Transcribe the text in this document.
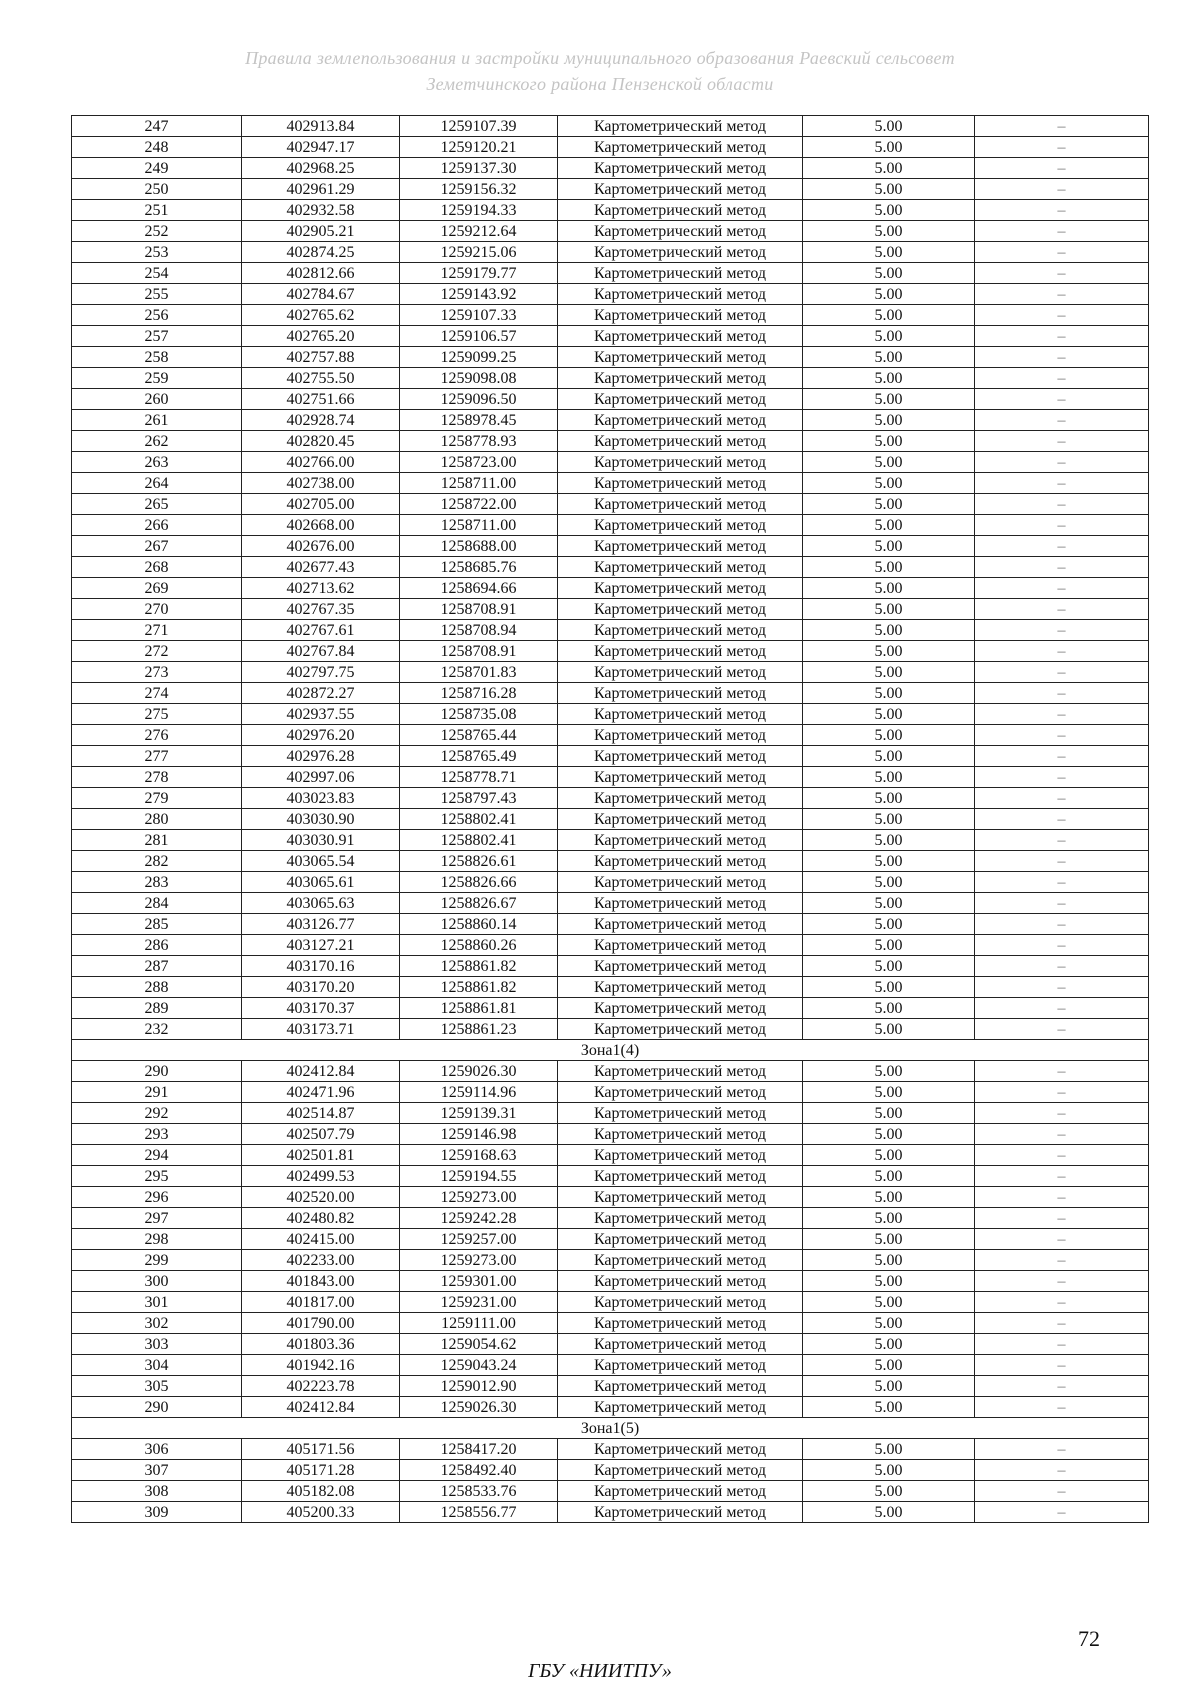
Правила землепользования и застройки муниципального образования Раевский сельсовет
Земетчинского района Пензенской области
247	402913.84	1259107.39	Картометрический метод	5.00	–
248	402947.17	1259120.21	Картометрический метод	5.00	–
249	402968.25	1259137.30	Картометрический метод	5.00	–
250	402961.29	1259156.32	Картометрический метод	5.00	–
251	402932.58	1259194.33	Картометрический метод	5.00	–
252	402905.21	1259212.64	Картометрический метод	5.00	–
253	402874.25	1259215.06	Картометрический метод	5.00	–
254	402812.66	1259179.77	Картометрический метод	5.00	–
255	402784.67	1259143.92	Картометрический метод	5.00	–
256	402765.62	1259107.33	Картометрический метод	5.00	–
257	402765.20	1259106.57	Картометрический метод	5.00	–
258	402757.88	1259099.25	Картометрический метод	5.00	–
259	402755.50	1259098.08	Картометрический метод	5.00	–
260	402751.66	1259096.50	Картометрический метод	5.00	–
261	402928.74	1258978.45	Картометрический метод	5.00	–
262	402820.45	1258778.93	Картометрический метод	5.00	–
263	402766.00	1258723.00	Картометрический метод	5.00	–
264	402738.00	1258711.00	Картометрический метод	5.00	–
265	402705.00	1258722.00	Картометрический метод	5.00	–
266	402668.00	1258711.00	Картометрический метод	5.00	–
267	402676.00	1258688.00	Картометрический метод	5.00	–
268	402677.43	1258685.76	Картометрический метод	5.00	–
269	402713.62	1258694.66	Картометрический метод	5.00	–
270	402767.35	1258708.91	Картометрический метод	5.00	–
271	402767.61	1258708.94	Картометрический метод	5.00	–
272	402767.84	1258708.91	Картометрический метод	5.00	–
273	402797.75	1258701.83	Картометрический метод	5.00	–
274	402872.27	1258716.28	Картометрический метод	5.00	–
275	402937.55	1258735.08	Картометрический метод	5.00	–
276	402976.20	1258765.44	Картометрический метод	5.00	–
277	402976.28	1258765.49	Картометрический метод	5.00	–
278	402997.06	1258778.71	Картометрический метод	5.00	–
279	403023.83	1258797.43	Картометрический метод	5.00	–
280	403030.90	1258802.41	Картометрический метод	5.00	–
281	403030.91	1258802.41	Картометрический метод	5.00	–
282	403065.54	1258826.61	Картометрический метод	5.00	–
283	403065.61	1258826.66	Картометрический метод	5.00	–
284	403065.63	1258826.67	Картометрический метод	5.00	–
285	403126.77	1258860.14	Картометрический метод	5.00	–
286	403127.21	1258860.26	Картометрический метод	5.00	–
287	403170.16	1258861.82	Картометрический метод	5.00	–
288	403170.20	1258861.82	Картометрический метод	5.00	–
289	403170.37	1258861.81	Картометрический метод	5.00	–
232	403173.71	1258861.23	Картометрический метод	5.00	–
Зона1(4)					
290	402412.84	1259026.30	Картометрический метод	5.00	–
291	402471.96	1259114.96	Картометрический метод	5.00	–
292	402514.87	1259139.31	Картометрический метод	5.00	–
293	402507.79	1259146.98	Картометрический метод	5.00	–
294	402501.81	1259168.63	Картометрический метод	5.00	–
295	402499.53	1259194.55	Картометрический метод	5.00	–
296	402520.00	1259273.00	Картометрический метод	5.00	–
297	402480.82	1259242.28	Картометрический метод	5.00	–
298	402415.00	1259257.00	Картометрический метод	5.00	–
299	402233.00	1259273.00	Картометрический метод	5.00	–
300	401843.00	1259301.00	Картометрический метод	5.00	–
301	401817.00	1259231.00	Картометрический метод	5.00	–
302	401790.00	1259111.00	Картометрический метод	5.00	–
303	401803.36	1259054.62	Картометрический метод	5.00	–
304	401942.16	1259043.24	Картометрический метод	5.00	–
305	402223.78	1259012.90	Картометрический метод	5.00	–
290	402412.84	1259026.30	Картометрический метод	5.00	–
Зона1(5)					
306	405171.56	1258417.20	Картометрический метод	5.00	–
307	405171.28	1258492.40	Картометрический метод	5.00	–
308	405182.08	1258533.76	Картометрический метод	5.00	–
309	405200.33	1258556.77	Картометрический метод	5.00	–
72
ГБУ «НИИТПУ»
